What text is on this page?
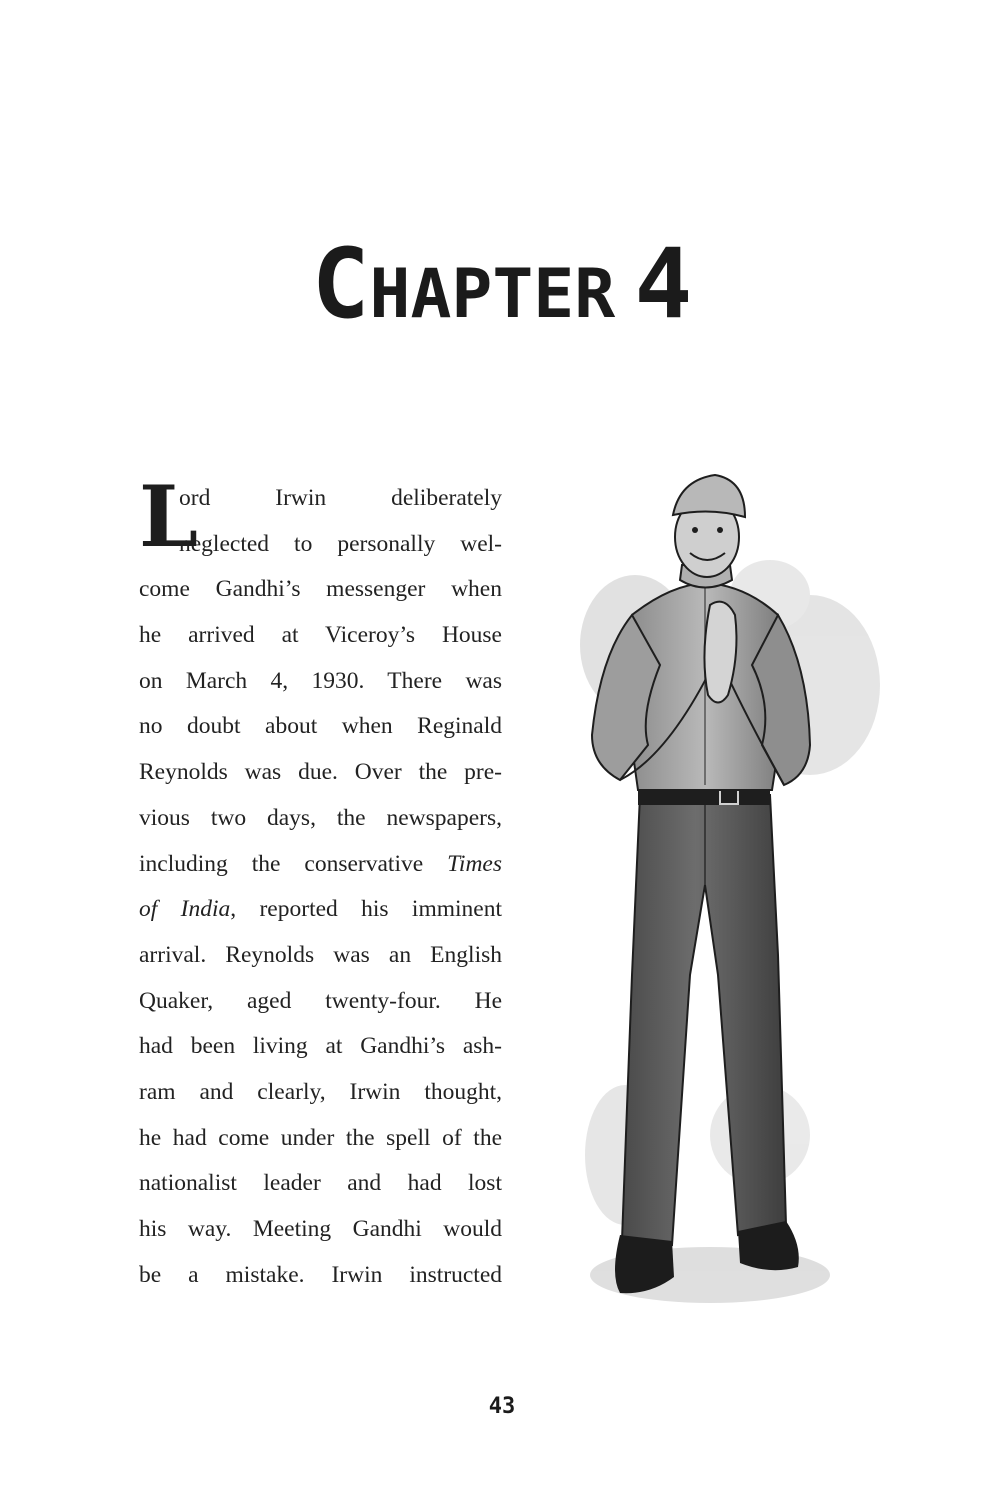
CHAPTER 4
L
ord Irwin deliberately
neglected to personally wel-
come Gandhi’s messenger when
he arrived at Viceroy’s House
on March 4, 1930. There was
no doubt about when Reginald
Reynolds was due. Over the pre-
vious two days, the newspapers,
including the conservative Times
of India, reported his imminent
arrival. Reynolds was an English
Quaker, aged twenty-four. He
had been living at Gandhi’s ash-
ram and clearly, Irwin thought,
he had come under the spell of the
nationalist leader and had lost
his way. Meeting Gandhi would
be a mistake. Irwin instructed
43
